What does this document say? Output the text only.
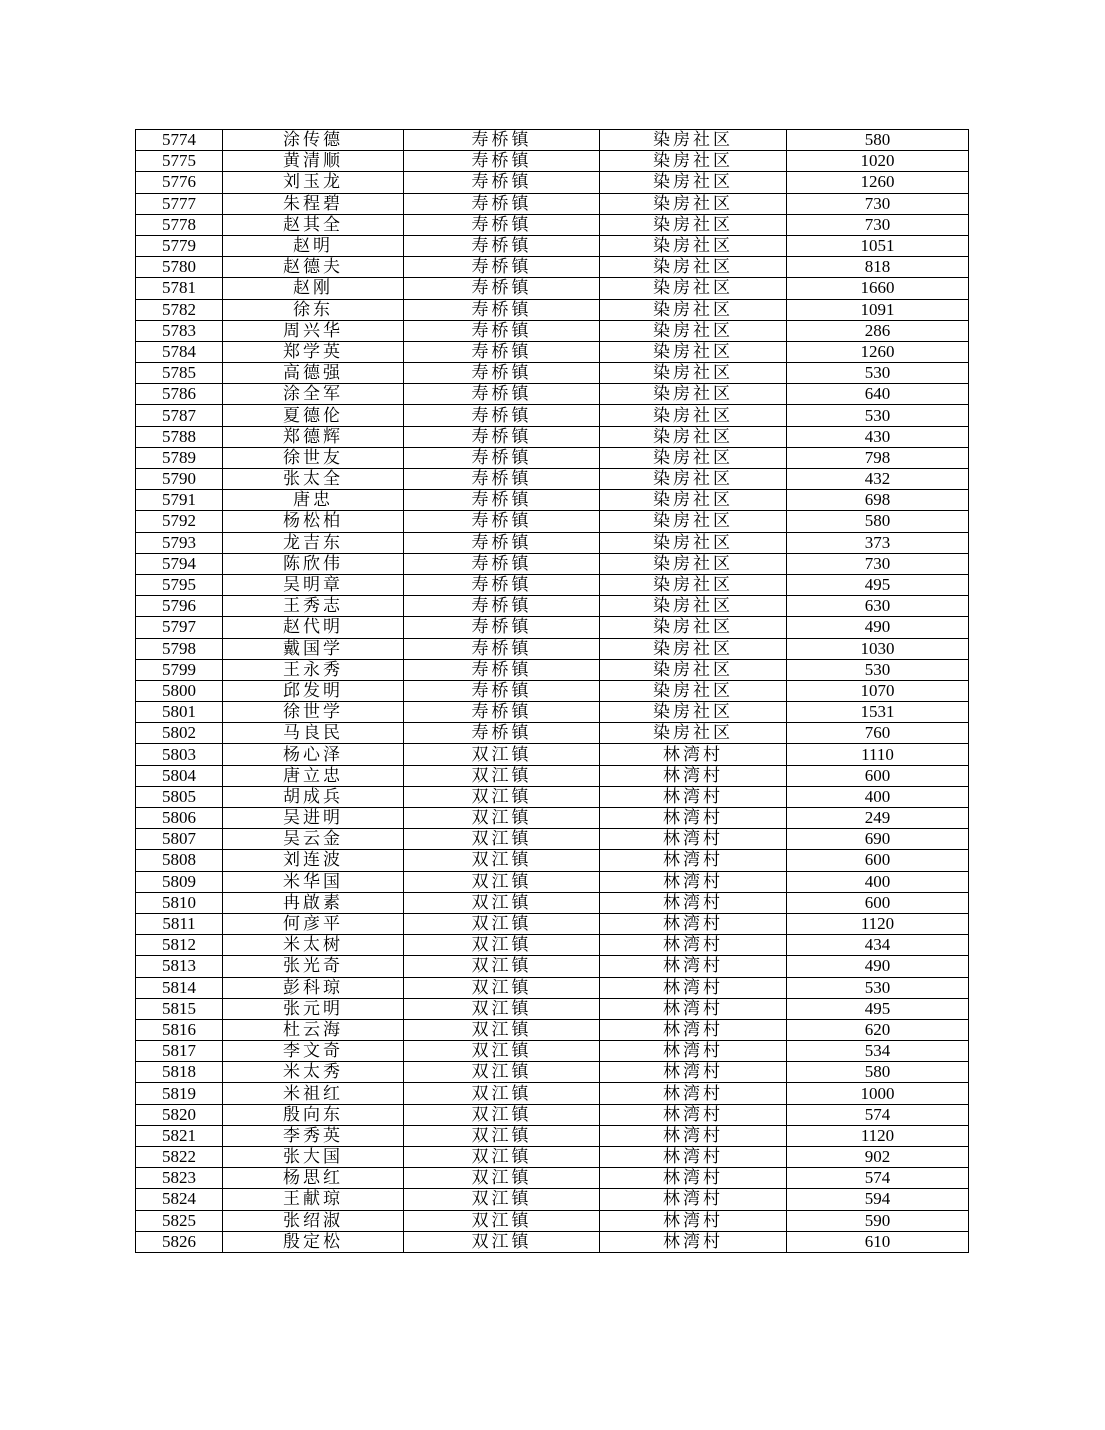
5774	涂传德	寿桥镇	染房社区	580
5775	黄清顺	寿桥镇	染房社区	1020
5776	刘玉龙	寿桥镇	染房社区	1260
5777	朱程碧	寿桥镇	染房社区	730
5778	赵其全	寿桥镇	染房社区	730
5779	赵明	寿桥镇	染房社区	1051
5780	赵德夫	寿桥镇	染房社区	818
5781	赵刚	寿桥镇	染房社区	1660
5782	徐东	寿桥镇	染房社区	1091
5783	周兴华	寿桥镇	染房社区	286
5784	郑学英	寿桥镇	染房社区	1260
5785	高德强	寿桥镇	染房社区	530
5786	涂全军	寿桥镇	染房社区	640
5787	夏德伦	寿桥镇	染房社区	530
5788	郑德辉	寿桥镇	染房社区	430
5789	徐世友	寿桥镇	染房社区	798
5790	张太全	寿桥镇	染房社区	432
5791	唐忠	寿桥镇	染房社区	698
5792	杨松柏	寿桥镇	染房社区	580
5793	龙吉东	寿桥镇	染房社区	373
5794	陈欣伟	寿桥镇	染房社区	730
5795	吴明章	寿桥镇	染房社区	495
5796	王秀志	寿桥镇	染房社区	630
5797	赵代明	寿桥镇	染房社区	490
5798	戴国学	寿桥镇	染房社区	1030
5799	王永秀	寿桥镇	染房社区	530
5800	邱发明	寿桥镇	染房社区	1070
5801	徐世学	寿桥镇	染房社区	1531
5802	马良民	寿桥镇	染房社区	760
5803	杨心泽	双江镇	林湾村	1110
5804	唐立忠	双江镇	林湾村	600
5805	胡成兵	双江镇	林湾村	400
5806	吴进明	双江镇	林湾村	249
5807	吴云金	双江镇	林湾村	690
5808	刘连波	双江镇	林湾村	600
5809	米华国	双江镇	林湾村	400
5810	冉啟素	双江镇	林湾村	600
5811	何彦平	双江镇	林湾村	1120
5812	米太树	双江镇	林湾村	434
5813	张光奇	双江镇	林湾村	490
5814	彭科琼	双江镇	林湾村	530
5815	张元明	双江镇	林湾村	495
5816	杜云海	双江镇	林湾村	620
5817	李文奇	双江镇	林湾村	534
5818	米太秀	双江镇	林湾村	580
5819	米祖红	双江镇	林湾村	1000
5820	殷向东	双江镇	林湾村	574
5821	李秀英	双江镇	林湾村	1120
5822	张大国	双江镇	林湾村	902
5823	杨思红	双江镇	林湾村	574
5824	王献琼	双江镇	林湾村	594
5825	张绍淑	双江镇	林湾村	590
5826	殷定松	双江镇	林湾村	610
